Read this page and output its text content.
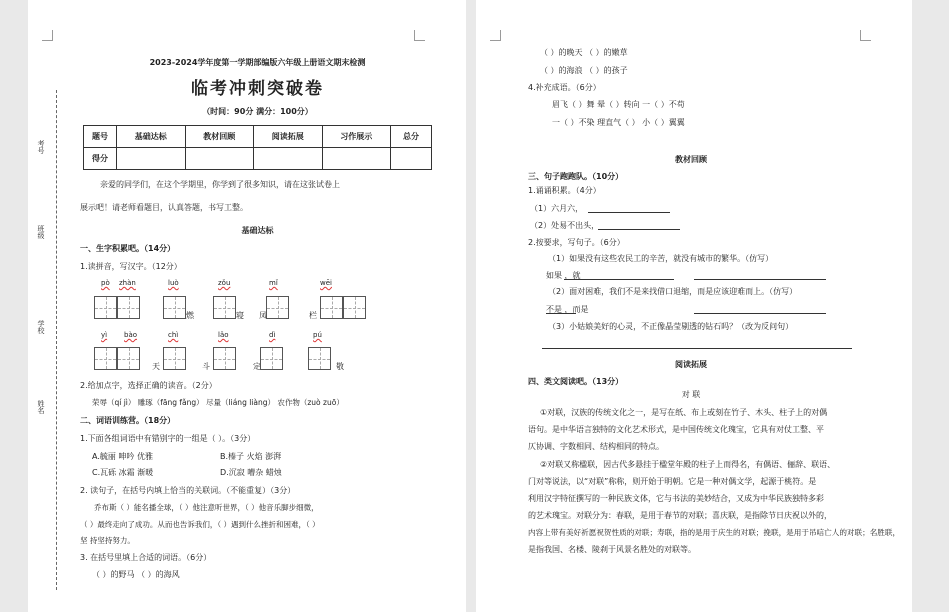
班级
姓名
学校
考号
2023-2024学年度第一学期部编版六年级上册语文期末检测
临考冲刺突破卷
（时间：90分 满分：100分）
题号	基础达标	教材回顾	阅读拓展	习作展示	总分
得分					
亲爱的同学们，在这个学期里，你学到了很多知识，请在这张试卷上
展示吧！请老师看题目，认真答题，书写工整。
基础达标
一、生字积累吧。（14分）
1.读拼音，写汉字。（12分）
pò zhàn	luò	zǒu	mǐ	wēi
燃	寝 凤	栏
yì bào	chì	lǎo	dì	pú
天	斗	定	敬
2.给加点字，选择正确的读音。（2分）
荣辱（qí jì） 雕琢（fāng fǎng） 尽量（liáng liàng） 农作物（zuò zuō）
二、词语训练营。（18分）
1.下面各组词语中有错别字的一组是（ ）。（3分）
A.毓丽 呻吟 优雅	B.榛子 火焰 澎湃
C.瓦砾 冰霜 渐暖	D.沉寂 嘈杂 蜡烛
2. 读句子，在括号内填上恰当的关联词。（不能重复）（3分）
乔布斯（ ）能名播全球，（ ）他注意听世界，（ ）他音乐脚步细微，
（ ）最终走向了成功。从而也告诉我们，（ ）遇到什么挫折和困难，（ ）
坚 持坚持努力。
3. 在括号里填上合适的词语。（6分）
（ ）的野马 （ ）的海风
（ ）的晚天 （ ）的嫩草
（ ）的海浪 （ ）的孩子
4.补充成语。（6分）
眉飞（ ）舞 晕（ ）转向 一（ ）不苟
一（ ）不染 理直气（ ） 小（ ）翼翼
教材回顾
三、句子跑跑队。（10分）
1.诵诵积累。（4分）
（1）六月六，
（2）处易不出头，
2.按要求，写句子。（6分）
（1）如果没有这些农民工的辛苦，就没有城市的繁华。（仿写）
如果 ，就
（2）面对困难，我们不是来找借口退缩，而是应该迎难而上。（仿写）
不是 ，而是
（3）小姑娘美好的心灵，不正像晶莹剔透的钻石吗？（改为反问句）
阅读拓展
四、类文阅读吧。（13分）
对 联
①对联，汉族的传统文化之一，是写在纸、布上或刻在竹子、木头、柱子上的对偶
语句。是中华语言独特的文化艺术形式，是中国传统文化瑰宝，它具有对仗工整、平
仄协调、字数相同、结构相同的特点。
②对联又称楹联，因古代多悬挂于楹堂年殿的柱子上而得名，有偶语、俪辞、联语、
门对等说法，以“对联”称称，则开始于明朝。它是一种对偶文学，起源于桃符。是
利用汉字特征撰写的一种民族文体，它与书法的美妙结合，又成为中华民族独特多彩
的艺术瑰宝。对联分为：春联，是用于春节的对联；喜庆联，是指除节日庆祝以外的，
内容上带有美好祈愿祝贺性质的对联；寿联，指的是用于庆生的对联；挽联，是用于吊唁亡人的对联；名胜联，
是指我国、名楼、陵刹于风景名胜处的对联等。
